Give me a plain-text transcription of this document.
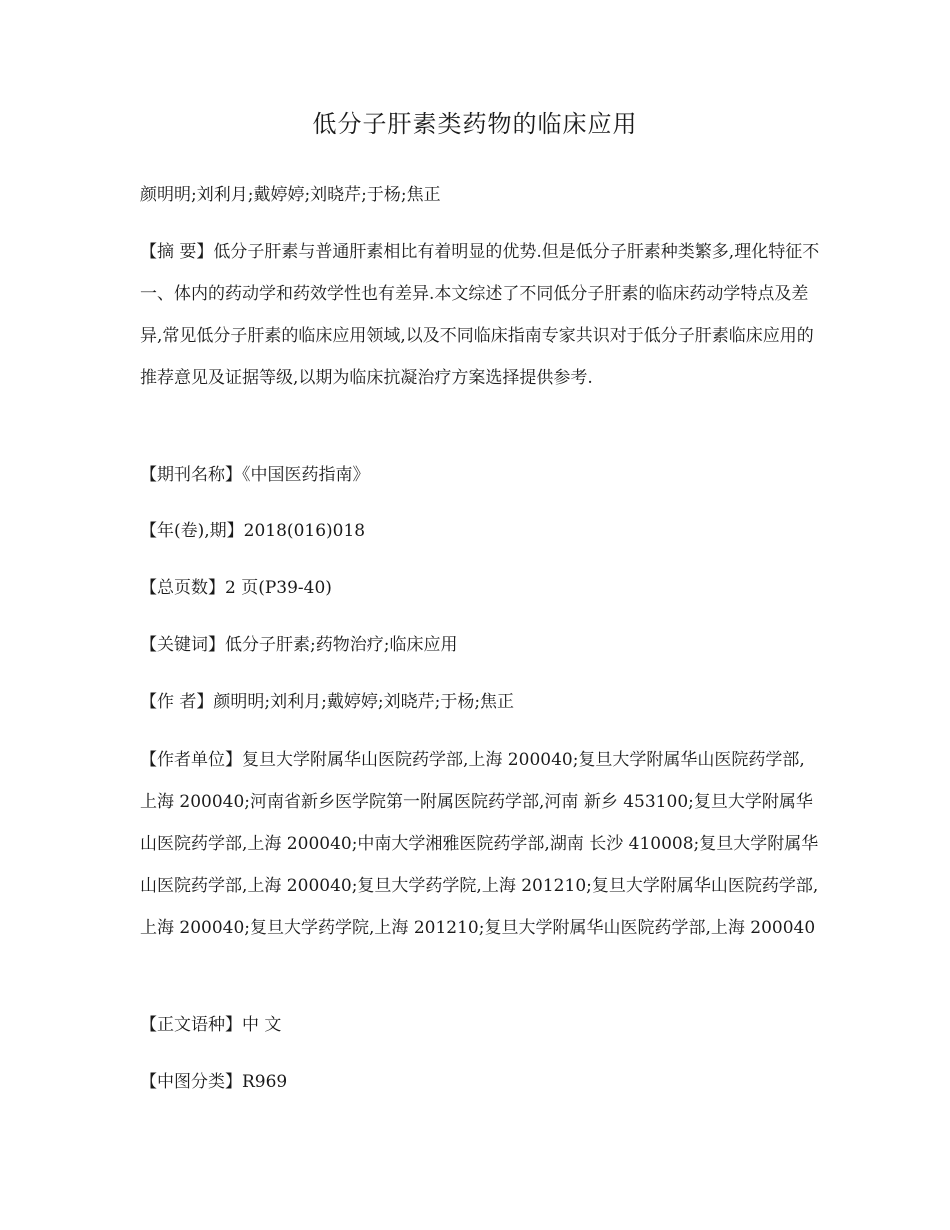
低分子肝素类药物的临床应用

颜明明;刘利月;戴婷婷;刘晓芹;于杨;焦正

【摘 要】低分子肝素与普通肝素相比有着明显的优势.但是低分子肝素种类繁多,理化特征不一、体内的药动学和药效学性也有差异.本文综述了不同低分子肝素的临床药动学特点及差异,常见低分子肝素的临床应用领域,以及不同临床指南专家共识对于低分子肝素临床应用的推荐意见及证据等级,以期为临床抗凝治疗方案选择提供参考.

【期刊名称】《中国医药指南》

【年(卷),期】2018(016)018

【总页数】2 页(P39-40)

【关键词】低分子肝素;药物治疗;临床应用

【作 者】颜明明;刘利月;戴婷婷;刘晓芹;于杨;焦正

【作者单位】复旦大学附属华山医院药学部,上海 200040;复旦大学附属华山医院药学部,上海 200040;河南省新乡医学院第一附属医院药学部,河南 新乡 453100;复旦大学附属华山医院药学部,上海 200040;中南大学湘雅医院药学部,湖南 长沙 410008;复旦大学附属华山医院药学部,上海 200040;复旦大学药学院,上海 201210;复旦大学附属华山医院药学部,上海 200040;复旦大学药学院,上海 201210;复旦大学附属华山医院药学部,上海 200040

【正文语种】中 文

【中图分类】R969
